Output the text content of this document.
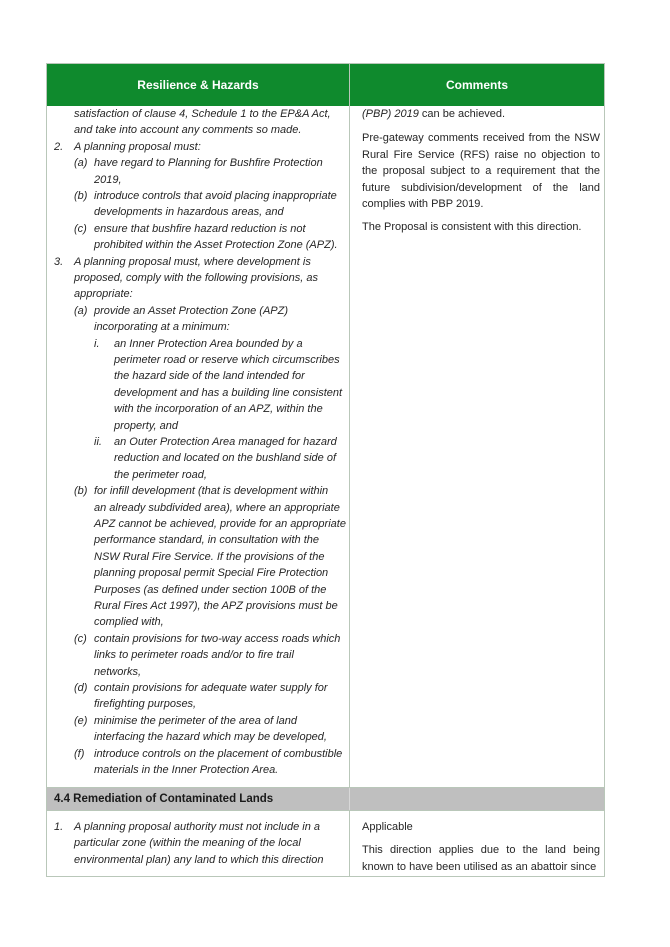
Resilience & Hazards	Comments
satisfaction of clause 4, Schedule 1 to the EP&A Act,
and take into account any comments so made.
2. A planning proposal must:
(a) have regard to Planning for Bushfire Protection
2019,
(b) introduce controls that avoid placing inappropriate
developments in hazardous areas, and
(c) ensure that bushfire hazard reduction is not
prohibited within the Asset Protection Zone (APZ).
3. A planning proposal must, where development is
proposed, comply with the following provisions, as
appropriate:
(a) provide an Asset Protection Zone (APZ)
incorporating at a minimum:
i. an Inner Protection Area bounded by a
perimeter road or reserve which circumscribes
the hazard side of the land intended for
development and has a building line consistent
with the incorporation of an APZ, within the
property, and
ii. an Outer Protection Area managed for hazard
reduction and located on the bushland side of
the perimeter road,
(b) for infill development (that is development within
an already subdivided area), where an appropriate
APZ cannot be achieved, provide for an appropriate
performance standard, in consultation with the
NSW Rural Fire Service. If the provisions of the
planning proposal permit Special Fire Protection
Purposes (as defined under section 100B of the
Rural Fires Act 1997), the APZ provisions must be
complied with,
(c) contain provisions for two-way access roads which
links to perimeter roads and/or to fire trail
networks,
(d) contain provisions for adequate water supply for
firefighting purposes,
(e) minimise the perimeter of the area of land
interfacing the hazard which may be developed,
(f) introduce controls on the placement of combustible
materials in the Inner Protection Area.
(PBP) 2019 can be achieved.
Pre-gateway comments received from the NSW Rural Fire Service (RFS) raise no objection to the proposal subject to a requirement that the future subdivision/development of the land complies with PBP 2019.
The Proposal is consistent with this direction.
4.4 Remediation of Contaminated Lands
1. A planning proposal authority must not include in a
particular zone (within the meaning of the local
environmental plan) any land to which this direction
Applicable
This direction applies due to the land being known to have been utilised as an abattoir since
